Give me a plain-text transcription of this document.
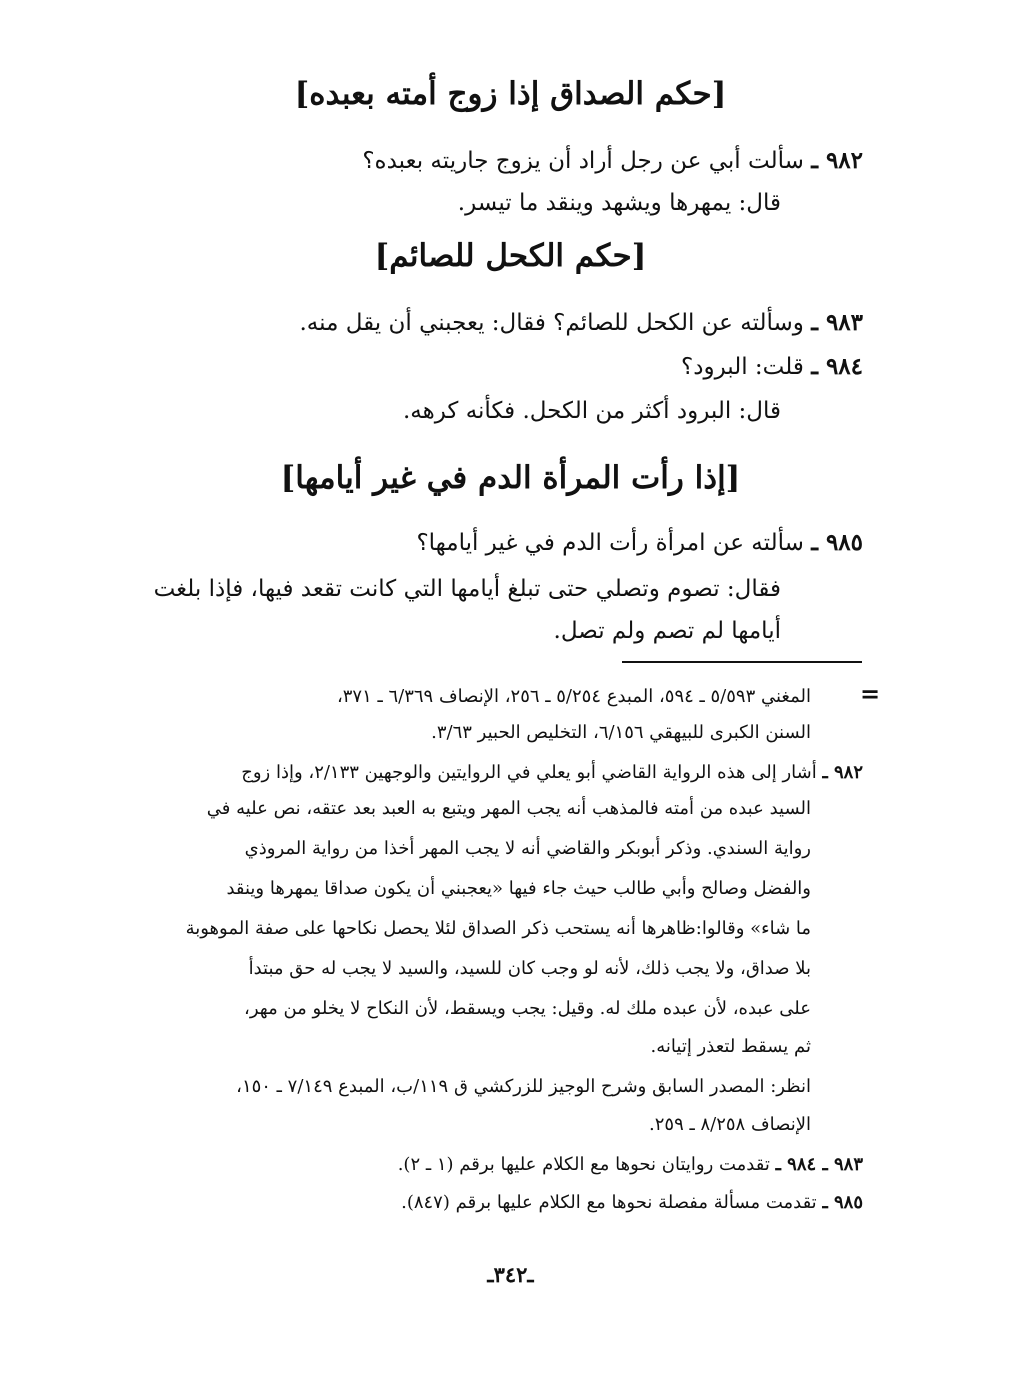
[حكم الصداق إذا زوج أمته بعبده]
٩٨٢ ـ سألت أبي عن رجل أراد أن يزوج جاريته بعبده؟
قال: يمهرها ويشهد وينقد ما تيسر.
[حكم الكحل للصائم]
٩٨٣ ـ وسألته عن الكحل للصائم؟ فقال: يعجبني أن يقل منه.
٩٨٤ ـ قلت: البرود؟
قال: البرود أكثر من الكحل. فكأنه كرهه.
[إذا رأت المرأة الدم في غير أيامها]
٩٨٥ ـ سألته عن امرأة رأت الدم في غير أيامها؟
فقال: تصوم وتصلي حتى تبلغ أيامها التي كانت تقعد فيها، فإذا بلغت
أيامها لم تصم ولم تصل.
=
المغني ٥/٥٩٣ ـ ٥٩٤، المبدع ٥/٢٥٤ ـ ٢٥٦، الإنصاف ٦/٣٦٩ ـ ٣٧١،
السنن الكبرى للبيهقي ٦/١٥٦، التخليص الحبير ٣/٦٣.
٩٨٢ ـ أشار إلى هذه الرواية القاضي أبو يعلي في الروايتين والوجهين ٢/١٣٣، وإذا زوج
السيد عبده من أمته فالمذهب أنه يجب المهر ويتبع به العبد بعد عتقه، نص عليه في
رواية السندي. وذكر أبوبكر والقاضي أنه لا يجب المهر أخذا من رواية المروذي
والفضل وصالح وأبي طالب حيث جاء فيها «يعجبني أن يكون صداقا يمهرها وينقد
ما شاء» وقالوا:ظاهرها أنه يستحب ذكر الصداق لئلا يحصل نكاحها على صفة الموهوبة
بلا صداق، ولا يجب ذلك، لأنه لو وجب كان للسيد، والسيد لا يجب له حق مبتدأ
على عبده، لأن عبده ملك له. وقيل: يجب ويسقط، لأن النكاح لا يخلو من مهر،
ثم يسقط لتعذر إتيانه.
انظر: المصدر السابق وشرح الوجيز للزركشي ق ١١٩/ب، المبدع ٧/١٤٩ ـ ١٥٠،
الإنصاف ٨/٢٥٨ ـ ٢٥٩.
٩٨٣ ـ ٩٨٤ ـ تقدمت روايتان نحوها مع الكلام عليها برقم (١ ـ ٢).
٩٨٥ ـ تقدمت مسألة مفصلة نحوها مع الكلام عليها برقم (٨٤٧).
ـ٣٤٢ـ
